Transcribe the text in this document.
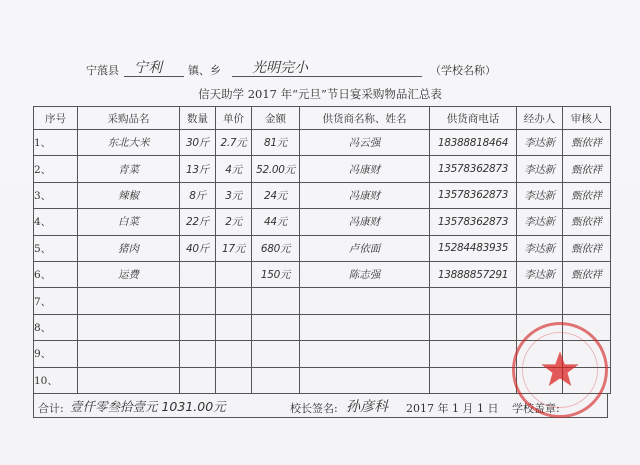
宁蒗县 宁利 镇、乡 光明完小	（学校名称）
信天助学 2017 年“元旦”节日宴采购物品汇总表
序号	采购品名	数量	单价	金额	供货商名称、姓名	供货商电话	经办人	审核人
1、	东北大米	30斤	2.7元	81元	冯云强	18388818464	李达新	甄依祥
2、	青菜	13斤	4元	52.00元	冯康财	13578362873	李达新	甄依祥
3、	辣椒	8斤	3元	24元	冯康财	13578362873	李达新	甄依祥
4、	白菜	22斤	2元	44元	冯康财	13578362873	李达新	甄依祥
5、	猪肉	40斤	17元	680元	卢依面	15284483935	李达新	甄依祥
6、	运费			150元	陈志强	13888857291	李达新	甄依祥
7、								
8、								
9、								
10、								
合计: 壹仟零叁拾壹元 1031.00元	校长签名: 孙彦科 2017 年 1 月 1 日 学校盖章:
